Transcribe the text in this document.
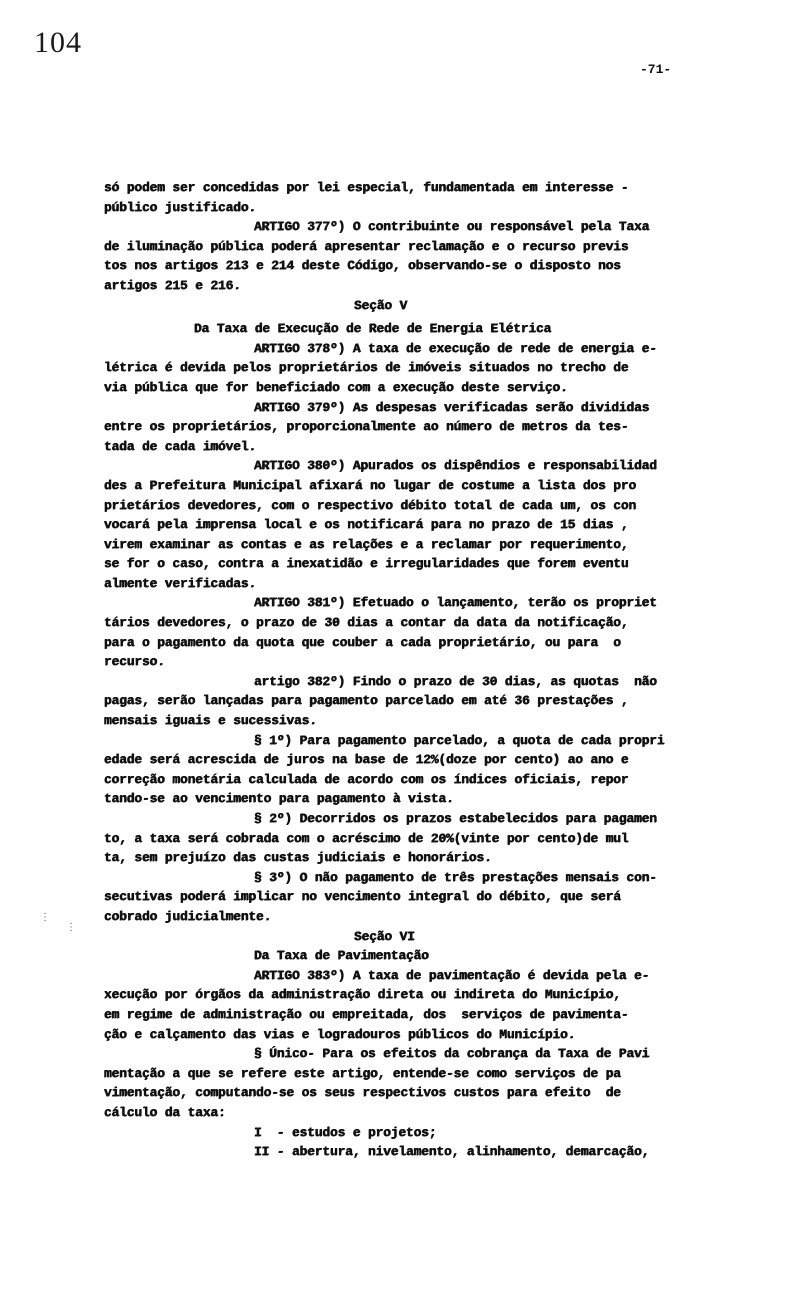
104
-71-
só podem ser concedidas por lei especial, fundamentada em interesse -
público justificado.
ARTIGO 377º) O contribuinte ou responsável pela Taxa
de iluminação pública poderá apresentar reclamação e o recurso previs
tos nos artigos 213 e 214 deste Código, observando-se o disposto nos
artigos 215 e 216.
Seção V
Da Taxa de Execução de Rede de Energia Elétrica
ARTIGO 378º) A taxa de execução de rede de energia e-
létrica é devida pelos proprietários de imóveis situados no trecho de
via pública que for beneficiado com a execução deste serviço.
ARTIGO 379º) As despesas verificadas serão divididas
entre os proprietários, proporcionalmente ao número de metros da tes-
tada de cada imóvel.
ARTIGO 380º) Apurados os dispêndios e responsabilidad
des a Prefeitura Municipal afixará no lugar de costume a lista dos pro
prietários devedores, com o respectivo débito total de cada um, os con
vocará pela imprensa local e os notificará para no prazo de 15 dias ,
virem examinar as contas e as relações e a reclamar por requerimento,
se for o caso, contra a inexatidão e irregularidades que forem eventu
almente verificadas.
ARTIGO 381º) Efetuado o lançamento, terão os propriet
tários devedores, o prazo de 30 dias a contar da data da notificação,
para o pagamento da quota que couber a cada proprietário, ou para  o
recurso.
artigo 382º) Findo o prazo de 30 dias, as quotas  não
pagas, serão lançadas para pagamento parcelado em até 36 prestações ,
mensais iguais e sucessivas.
§ 1º) Para pagamento parcelado, a quota de cada propri
edade será acrescida de juros na base de 12%(doze por cento) ao ano e
correção monetária calculada de acordo com os índices oficiais, repor
tando-se ao vencimento para pagamento à vista.
§ 2º) Decorridos os prazos estabelecidos para pagamen
to, a taxa será cobrada com o acréscimo de 20%(vinte por cento)de mul
ta, sem prejuízo das custas judiciais e honorários.
§ 3º) O não pagamento de três prestações mensais con-
secutivas poderá implicar no vencimento integral do débito, que será
cobrado judicialmente.
Seção VI
Da Taxa de Pavimentação
ARTIGO 383º) A taxa de pavimentação é devida pela e-
xecução por órgãos da administração direta ou indireta do Município,
em regime de administração ou empreitada, dos  serviços de pavimenta-
ção e calçamento das vias e logradouros públicos do Município.
§ Único- Para os efeitos da cobrança da Taxa de Pavi
mentação a que se refere este artigo, entende-se como serviços de pa
vimentação, computando-se os seus respectivos custos para efeito  de
cálculo da taxa:
I  - estudos e projetos;
II - abertura, nivelamento, alinhamento, demarcação,
⋮
⋮
